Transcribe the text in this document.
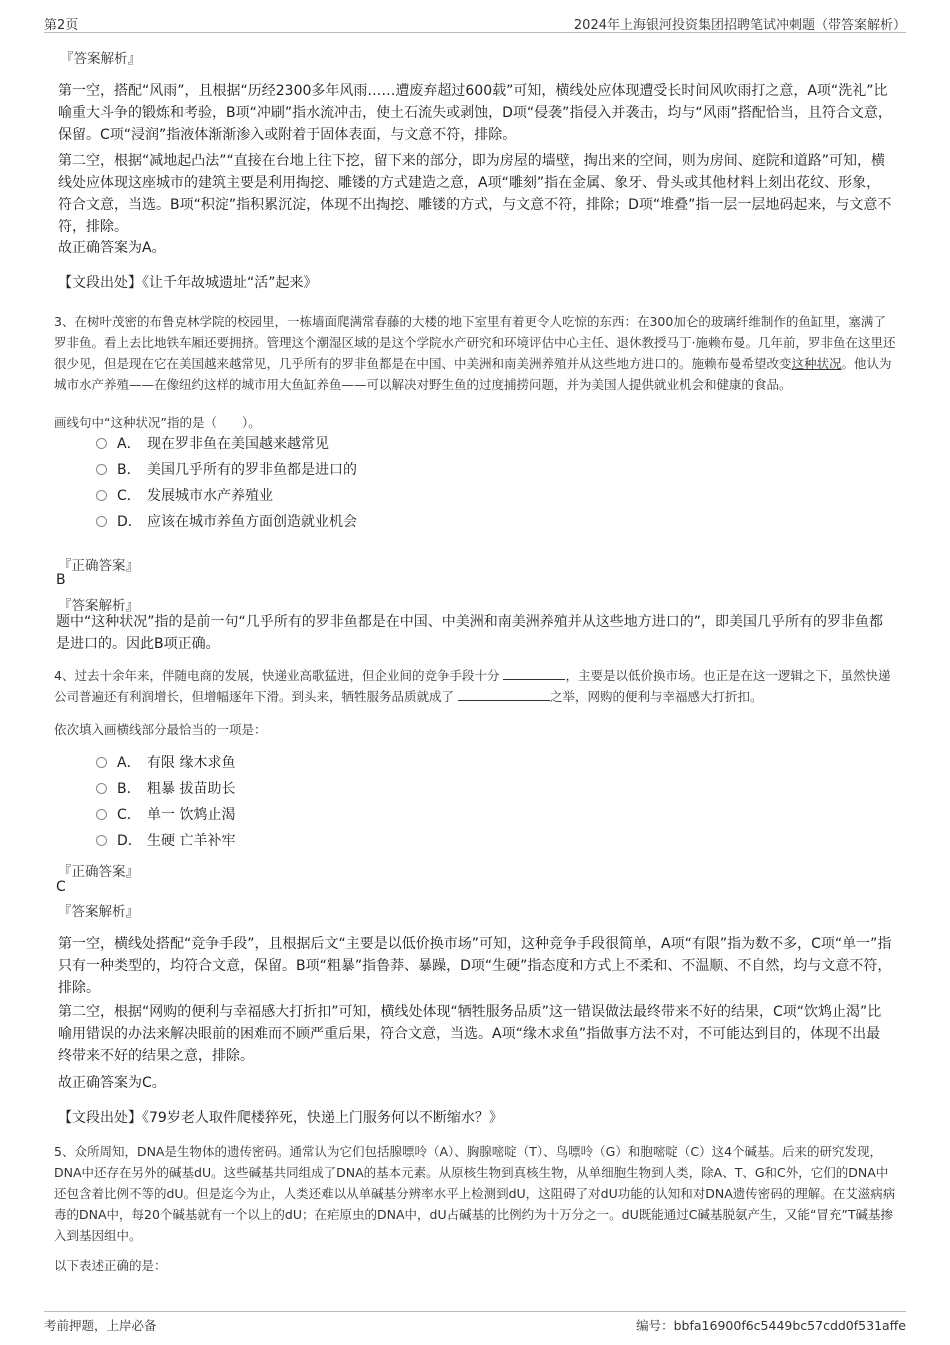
第2页	2024年上海银河投资集团招聘笔试冲刺题（带答案解析）
『答案解析』

第一空，搭配“风雨”，且根据“历经2300多年风雨……遭废弃超过600载”可知，横线处应体现遭受长时间风吹雨打之意，A项“洗礼”比喻重大斗争的锻炼和考验，B项“冲刷”指水流冲击，使土石流失或剥蚀，D项“侵袭”指侵入并袭击，均与“风雨”搭配恰当，且符合文意，保留。C项“浸润”指液体渐渐渗入或附着于固体表面，与文意不符，排除。

第二空，根据“减地起凸法”“直接在台地上往下挖，留下来的部分，即为房屋的墙壁，掏出来的空间，则为房间、庭院和道路”可知，横线处应体现这座城市的建筑主要是利用掏挖、雕镂的方式建造之意，A项“雕刻”指在金属、象牙、骨头或其他材料上刻出花纹、形象，符合文意，当选。B项“积淀”指积累沉淀，体现不出掏挖、雕镂的方式，与文意不符，排除；D项“堆叠”指一层一层地码起来，与文意不符，排除。

故正确答案为A。

【文段出处】《让千年故城遗址“活”起来》

3、在树叶茂密的布鲁克林学院的校园里，一栋墙面爬满常春藤的大楼的地下室里有着更令人吃惊的东西：在300加仑的玻璃纤维制作的鱼缸里，塞满了罗非鱼。看上去比地铁车厢还要拥挤。管理这个潮湿区域的是这个学院水产研究和环境评估中心主任、退休教授马丁·施赖布曼。几年前，罗非鱼在这里还很少见，但是现在它在美国越来越常见，几乎所有的罗非鱼都是在中国、中美洲和南美洲养殖并从这些地方进口的。施赖布曼希望改变这种状况。他认为城市水产养殖——在像纽约这样的城市用大鱼缸养鱼——可以解决对野生鱼的过度捕捞问题，并为美国人提供就业机会和健康的食品。

画线句中“这种状况”指的是（　　）。

A． 现在罗非鱼在美国越来越常见
B． 美国几乎所有的罗非鱼都是进口的
C． 发展城市水产养殖业
D． 应该在城市养鱼方面创造就业机会
『正确答案』
B
『答案解析』

题中“这种状况”指的是前一句“几乎所有的罗非鱼都是在中国、中美洲和南美洲养殖并从这些地方进口的”，即美国几乎所有的罗非鱼都是进口的。因此B项正确。

4、过去十余年来，伴随电商的发展，快递业高歌猛进，但企业间的竞争手段十分	，主要是以低价换市场。也正是在这一逻辑之下，虽然快递公司普遍还有利润增长，但增幅逐年下滑。到头来，牺牲服务品质就成了	之举，网购的便利与幸福感大打折扣。

依次填入画横线部分最恰当的一项是：

A． 有限 缘木求鱼
B． 粗暴 拔苗助长
C． 单一 饮鸩止渴
D． 生硬 亡羊补牢
『正确答案』
C
『答案解析』

第一空，横线处搭配“竞争手段”，且根据后文“主要是以低价换市场”可知，这种竞争手段很简单，A项“有限”指为数不多，C项“单一”指只有一种类型的，均符合文意，保留。B项“粗暴”指鲁莽、暴躁，D项“生硬”指态度和方式上不柔和、不温顺、不自然，均与文意不符，排除。

第二空，根据“网购的便利与幸福感大打折扣”可知，横线处体现“牺牲服务品质”这一错误做法最终带来不好的结果，C项“饮鸩止渴”比喻用错误的办法来解决眼前的困难而不顾严重后果，符合文意，当选。A项“缘木求鱼”指做事方法不对，不可能达到目的，体现不出最终带来不好的结果之意，排除。

故正确答案为C。

【文段出处】《79岁老人取件爬楼猝死，快递上门服务何以不断缩水？》

5、众所周知，DNA是生物体的遗传密码。通常认为它们包括腺嘌呤（A）、胸腺嘧啶（T）、鸟嘌呤（G）和胞嘧啶（C）这4个碱基。后来的研究发现，DNA中还存在另外的碱基dU。这些碱基共同组成了DNA的基本元素。从原核生物到真核生物，从单细胞生物到人类，除A、T、G和C外，它们的DNA中还包含着比例不等的dU。但是迄今为止，人类还难以从单碱基分辨率水平上检测到dU，这阻碍了对dU功能的认知和对DNA遗传密码的理解。在艾滋病病毒的DNA中，每20个碱基就有一个以上的dU；在疟原虫的DNA中，dU占碱基的比例约为十万分之一。dU既能通过C碱基脱氨产生，又能“冒充”T碱基掺入到基因组中。

以下表述正确的是：

考前押题，上岸必备	编号：bbfa16900f6c5449bc57cdd0f531affe
